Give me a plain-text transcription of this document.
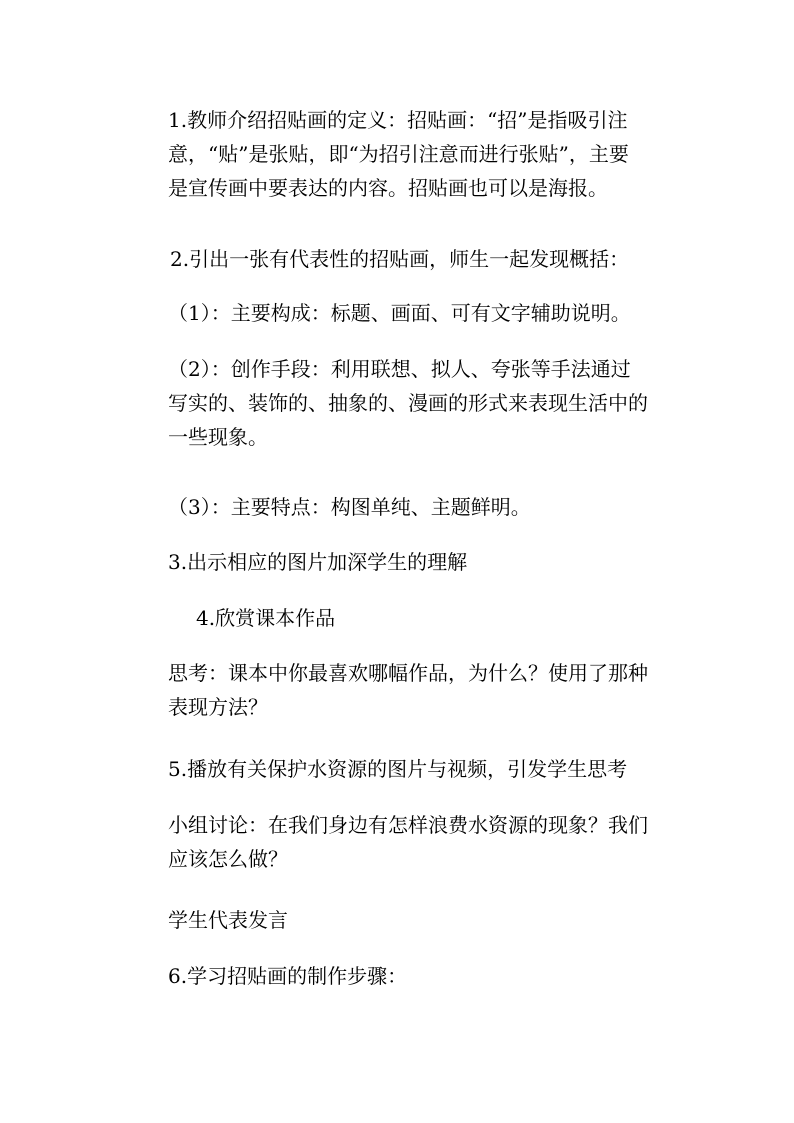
1.教师介绍招贴画的定义：招贴画：“招”是指吸引注
意，“贴”是张贴，即“为招引注意而进行张贴”，主要
是宣传画中要表达的内容。招贴画也可以是海报。

2.引出一张有代表性的招贴画，师生一起发现概括：

（1）：主要构成：标题、画面、可有文字辅助说明。

（2）：创作手段：利用联想、拟人、夸张等手法通过
写实的、装饰的、抽象的、漫画的形式来表现生活中的
一些现象。

（3）：主要特点：构图单纯、主题鲜明。

3.出示相应的图片加深学生的理解

4.欣赏课本作品

思考：课本中你最喜欢哪幅作品，为什么？使用了那种
表现方法？

5.播放有关保护水资源的图片与视频，引发学生思考

小组讨论：在我们身边有怎样浪费水资源的现象？我们
应该怎么做？

学生代表发言

6.学习招贴画的制作步骤：
